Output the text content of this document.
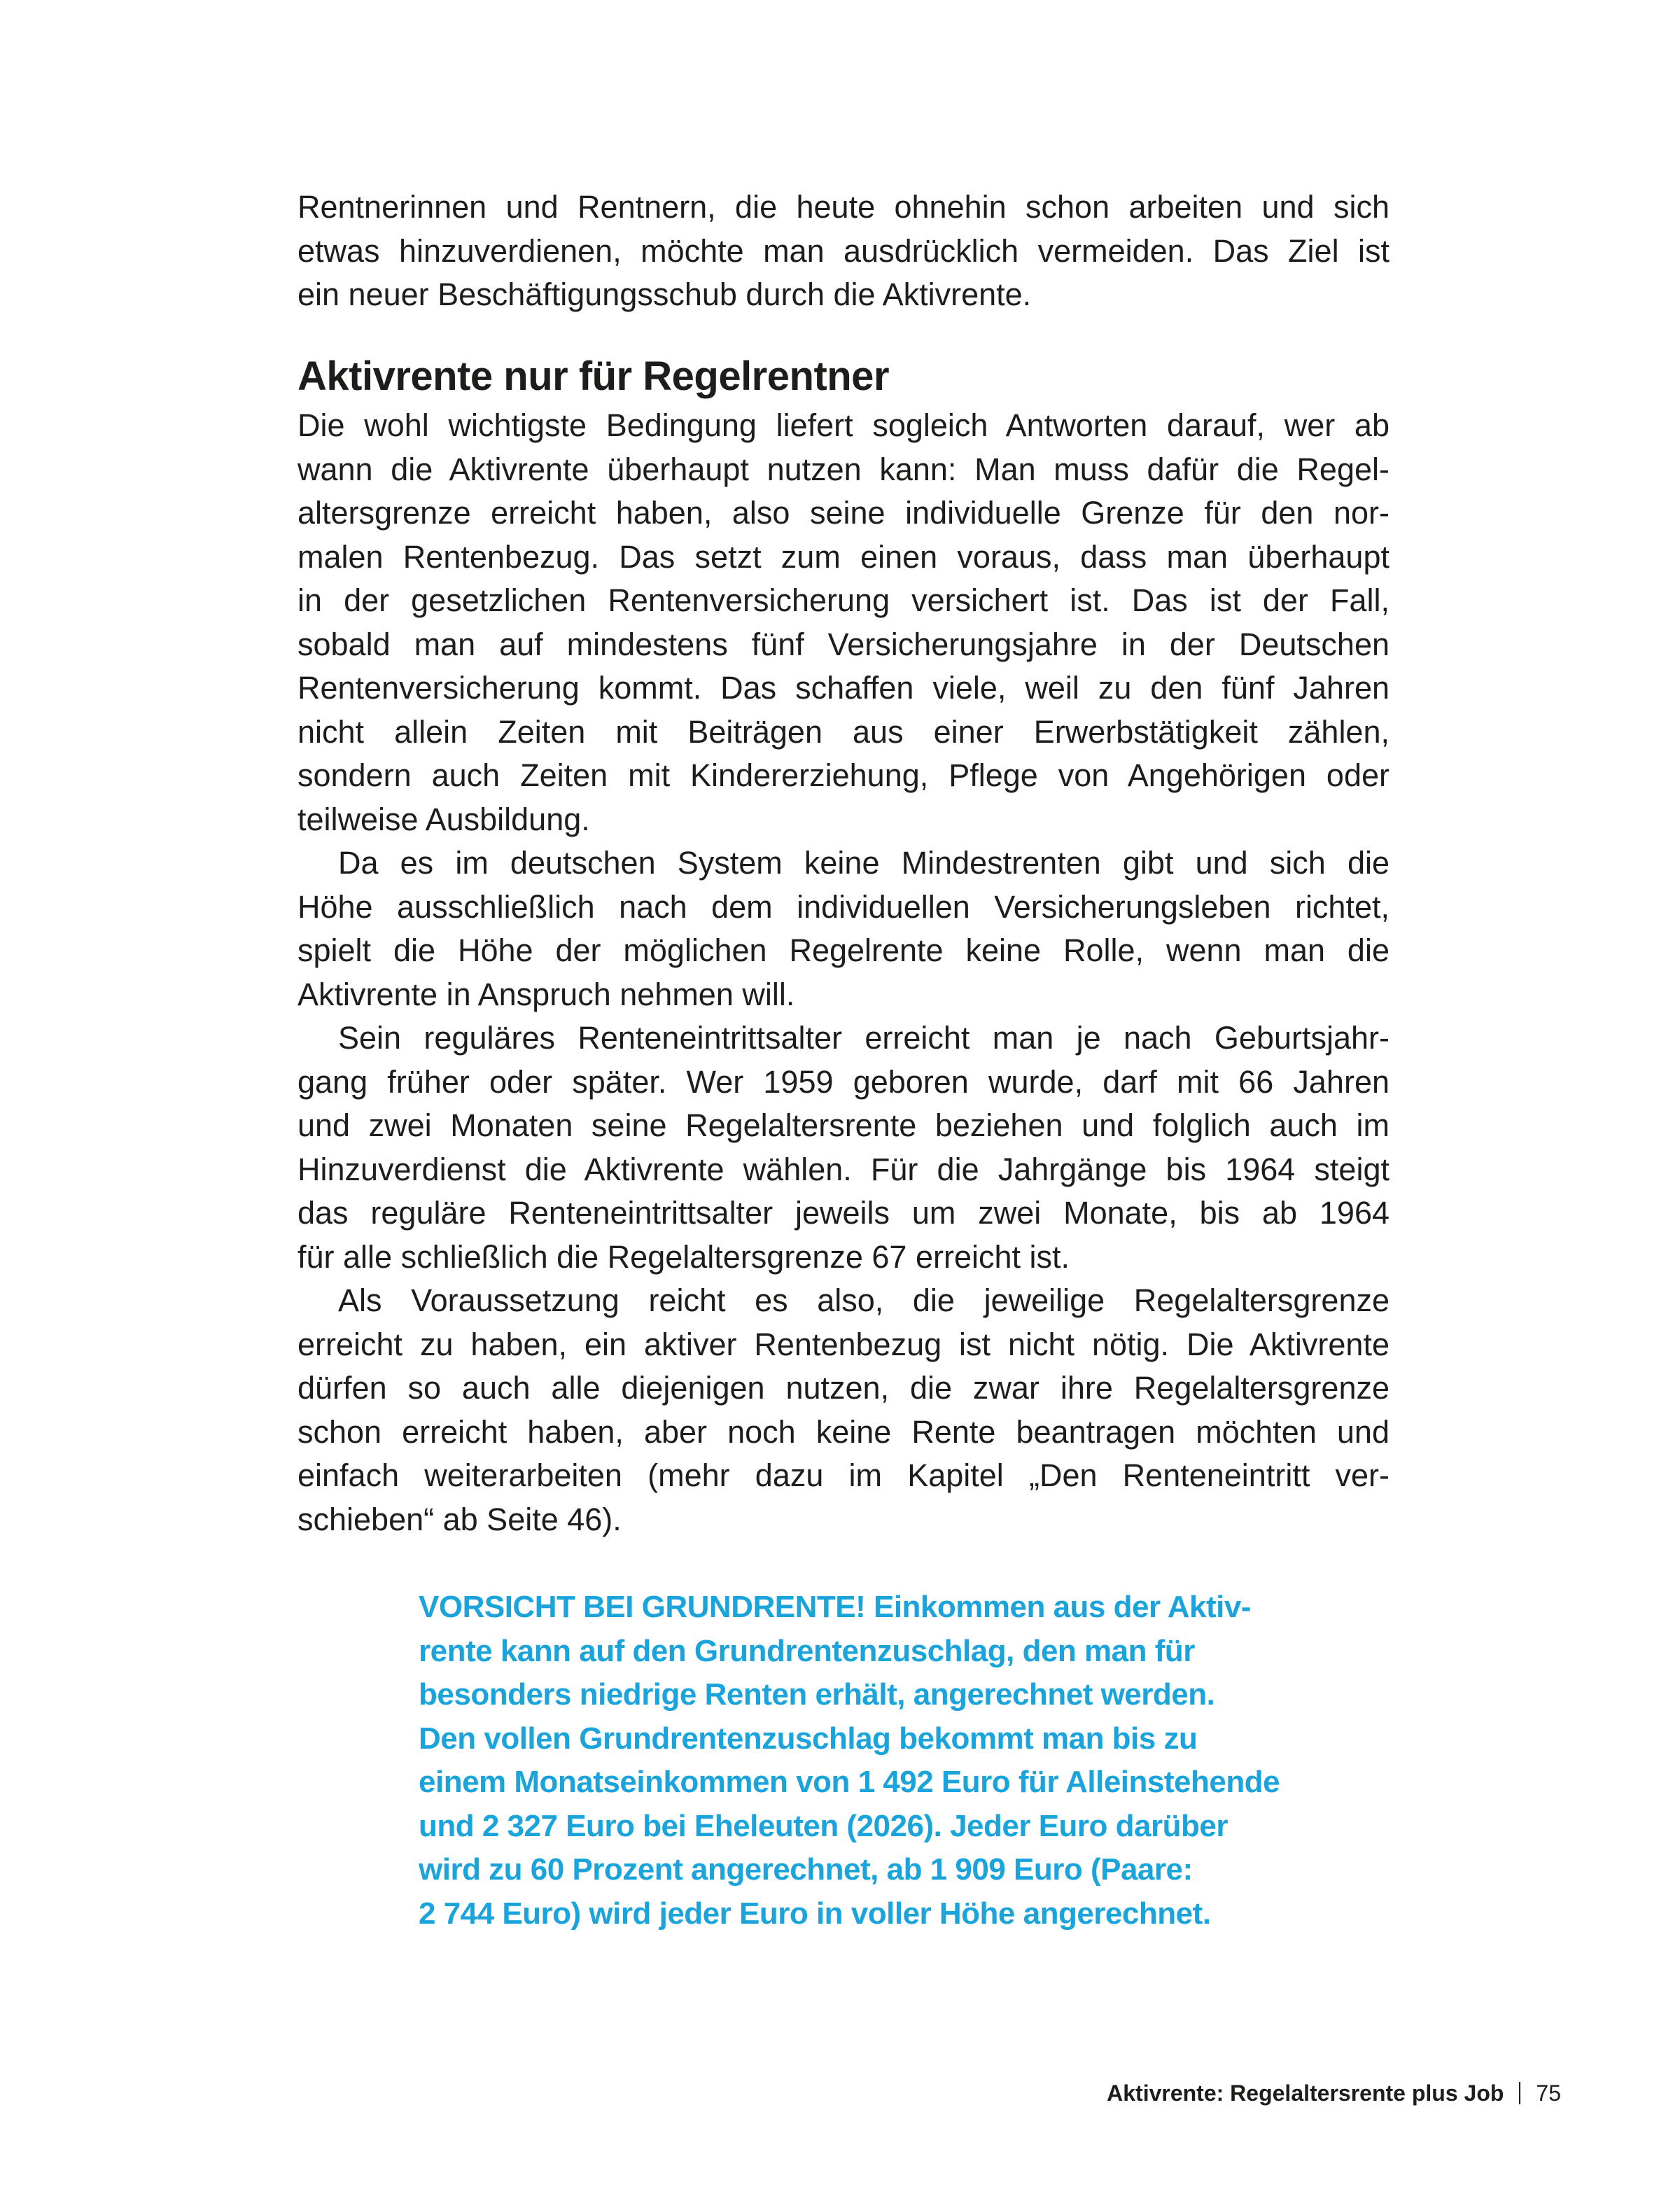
Rentnerinnen und Rentnern, die heute ohnehin schon arbeiten und sich
etwas hinzuverdienen, möchte man ausdrücklich vermeiden. Das Ziel ist
ein neuer Beschäftigungsschub durch die Aktivrente.
Aktivrente nur für Regelrentner
Die wohl wichtigste Bedingung liefert sogleich Antworten darauf, wer ab
wann die Aktivrente überhaupt nutzen kann: Man muss dafür die Regel-
altersgrenze erreicht haben, also seine individuelle Grenze für den nor-
malen Rentenbezug. Das setzt zum einen voraus, dass man überhaupt
in der gesetzlichen Rentenversicherung versichert ist. Das ist der Fall,
sobald man auf mindestens fünf Versicherungsjahre in der Deutschen
Rentenversicherung kommt. Das schaffen viele, weil zu den fünf Jahren
nicht allein Zeiten mit Beiträgen aus einer Erwerbstätigkeit zählen,
sondern auch Zeiten mit Kindererziehung, Pflege von Angehörigen oder
teilweise Ausbildung.
Da es im deutschen System keine Mindestrenten gibt und sich die
Höhe ausschließlich nach dem individuellen Versicherungsleben richtet,
spielt die Höhe der möglichen Regelrente keine Rolle, wenn man die
Aktivrente in Anspruch nehmen will.
Sein reguläres Renteneintrittsalter erreicht man je nach Geburtsjahr-
gang früher oder später. Wer 1959 geboren wurde, darf mit 66 Jahren
und zwei Monaten seine Regelaltersrente beziehen und folglich auch im
Hinzuverdienst die Aktivrente wählen. Für die Jahrgänge bis 1964 steigt
das reguläre Renteneintrittsalter jeweils um zwei Monate, bis ab 1964
für alle schließlich die Regelaltersgrenze 67 erreicht ist.
Als Voraussetzung reicht es also, die jeweilige Regelaltersgrenze
erreicht zu haben, ein aktiver Rentenbezug ist nicht nötig. Die Aktivrente
dürfen so auch alle diejenigen nutzen, die zwar ihre Regelaltersgrenze
schon erreicht haben, aber noch keine Rente beantragen möchten und
einfach weiterarbeiten (mehr dazu im Kapitel „Den Renteneintritt ver-
schieben“ ab Seite 46).
VORSICHT BEI GRUNDRENTE! Einkommen aus der Aktiv-
rente kann auf den Grundrentenzuschlag, den man für
besonders niedrige Renten erhält, angerechnet werden.
Den vollen Grundrentenzuschlag bekommt man bis zu
einem Monatseinkommen von 1 492 Euro für Alleinstehende
und 2 327 Euro bei Eheleuten (2026). Jeder Euro darüber
wird zu 60 Prozent angerechnet, ab 1 909 Euro (Paare:
2 744 Euro) wird jeder Euro in voller Höhe angerechnet.
Aktivrente: Regelaltersrente plus Job 75
